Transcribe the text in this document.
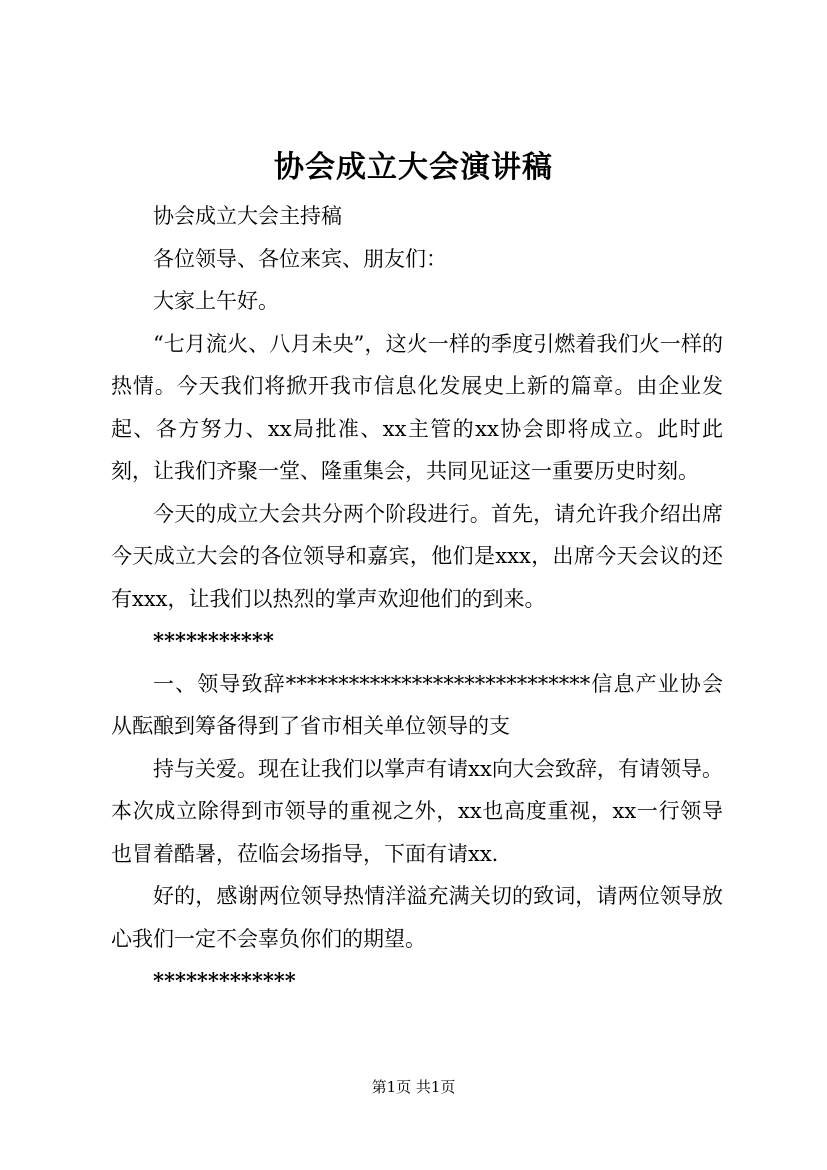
协会成立大会演讲稿

协会成立大会主持稿

各位领导、各位来宾、朋友们：

大家上午好。

“七月流火、八月未央”，这火一样的季度引燃着我们火一样的热情。今天我们将掀开我市信息化发展史上新的篇章。由企业发起、各方努力、xx局批准、xx主管的xx协会即将成立。此时此刻，让我们齐聚一堂、隆重集会，共同见证这一重要历史时刻。

今天的成立大会共分两个阶段进行。首先，请允许我介绍出席今天成立大会的各位领导和嘉宾，他们是xxx，出席今天会议的还有xxx，让我们以热烈的掌声欢迎他们的到来。

***********

一、领导致辞*****************************信息产业协会从酝酿到筹备得到了省市相关单位领导的支

持与关爱。现在让我们以掌声有请xx向大会致辞，有请领导。本次成立除得到市领导的重视之外，xx也高度重视，xx一行领导也冒着酷暑，莅临会场指导，下面有请xx.

好的，感谢两位领导热情洋溢充满关切的致词，请两位领导放心我们一定不会辜负你们的期望。

*************

第1页 共1页
